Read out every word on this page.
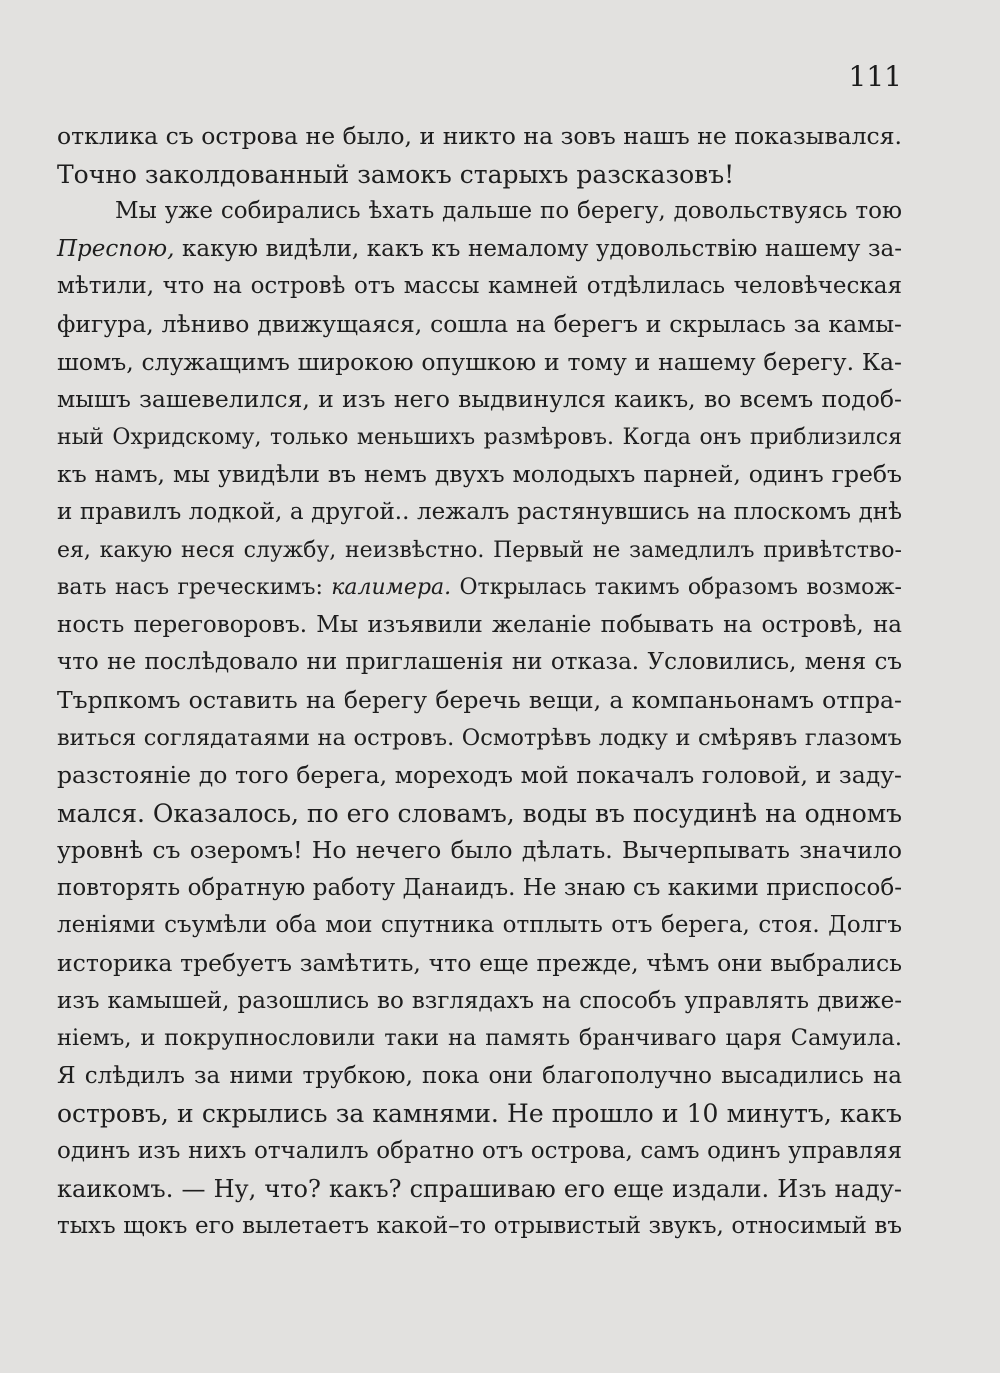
111
отклика съ острова не было, и никто на зовъ нашъ не показывался.
Точно заколдованный замокъ старыхъ разсказовъ!
Мы уже собирались ѣхать дальше по берегу, довольствуясь тою
Преспою, какую видѣли, какъ къ немалому удовольствію нашему за-
мѣтили, что на островѣ отъ массы камней отдѣлилась человѣческая
фигура, лѣниво движущаяся, сошла на берегъ и скрылась за камы-
шомъ, служащимъ широкою опушкою и тому и нашему берегу. Ка-
мышъ зашевелился, и изъ него выдвинулся каикъ, во всемъ подоб-
ный Охридскому, только меньшихъ размѣровъ. Когда онъ приблизился
къ намъ, мы увидѣли въ немъ двухъ молодыхъ парней, одинъ гребъ
и правилъ лодкой, а другой.. лежалъ растянувшись на плоскомъ днѣ
ея, какую неся службу, неизвѣстно. Первый не замедлилъ привѣтство-
вать насъ греческимъ: калимера. Открылась такимъ образомъ возмож-
ность переговоровъ. Мы изъявили желаніе побывать на островѣ, на
что не послѣдовало ни приглашенія ни отказа. Условились, меня съ
Търпкомъ оставить на берегу беречь вещи, а компаньонамъ отпра-
виться соглядатаями на островъ. Осмотрѣвъ лодку и смѣрявъ глазомъ
разстояніе до того берега, мореходъ мой покачалъ головой, и заду-
мался. Оказалось, по его словамъ, воды въ посудинѣ на одномъ
уровнѣ съ озеромъ! Но нечего было дѣлать. Вычерпывать значило
повторять обратную работу Данаидъ. Не знаю съ какими приспособ-
леніями съумѣли оба мои спутника отплыть отъ берега, стоя. Долгъ
историка требуетъ замѣтить, что еще прежде, чѣмъ они выбрались
изъ камышей, разошлись во взглядахъ на способъ управлять движе-
ніемъ, и покрупнословили таки на память бранчиваго царя Самуила.
Я слѣдилъ за ними трубкою, пока они благополучно высадились на
островъ, и скрылись за камнями. Не прошло и 10 минутъ, какъ
одинъ изъ нихъ отчалилъ обратно отъ острова, самъ одинъ управляя
каикомъ. — Ну, что? какъ? спрашиваю его еще издали. Изъ наду-
тыхъ щокъ его вылетаетъ какой–то отрывистый звукъ, относимый въ
